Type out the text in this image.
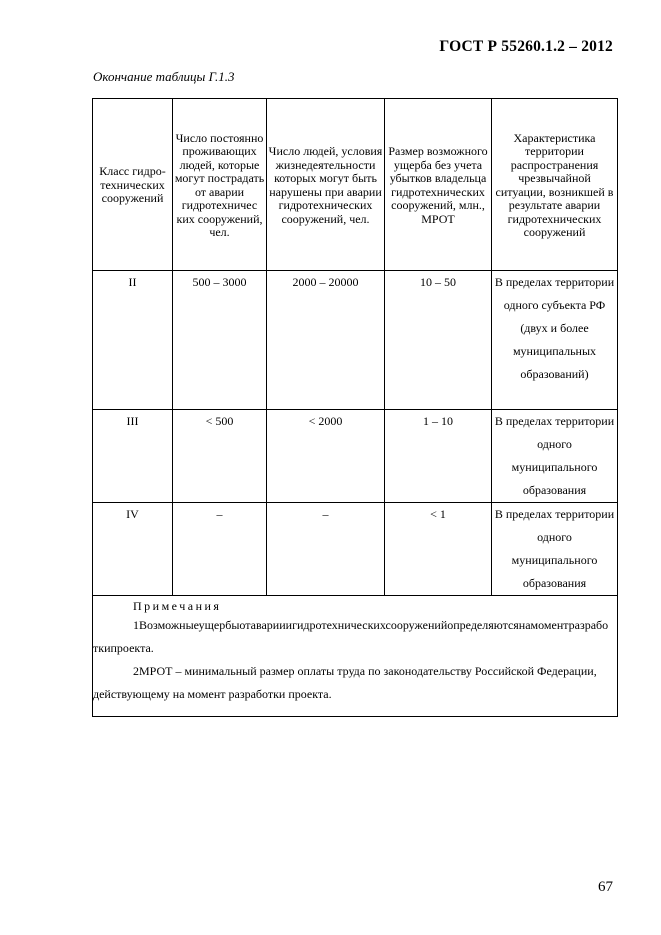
ГОСТ Р 55260.1.2 – 2012
Окончание таблицы Г.1.3
Класс гидро-технических сооружений	Число постоянно проживающих людей, которые могут пострадать от аварии гидротехничес ких сооружений, чел.	Число людей, условия жизнедеятельности которых могут быть нарушены при аварии гидротехнических сооружений, чел.	Размер возможного ущерба без учета убытков владельца гидротехнических сооружений, млн., МРОТ	Характеристика территории распространения чрезвычайной ситуации, возникшей в результате аварии гидротехнических сооружений
II	500 – 3000	2000 – 20000	10 – 50	В пределах территории одного субъекта РФ (двух и более муниципальных образований)
III	< 500	< 2000	1 – 10	В пределах территории одного муниципального образования
IV	–	–	< 1	В пределах территории одного муниципального образования

Примечания
1Возможныеущербыотаварииигидротехническихсооруженийопределяютсянамоментразрабо
ткипроекта.
2МРОТ – минимальный размер оплаты труда по законодательству Российской Федерации,
действующему на момент разработки проекта.				
67
